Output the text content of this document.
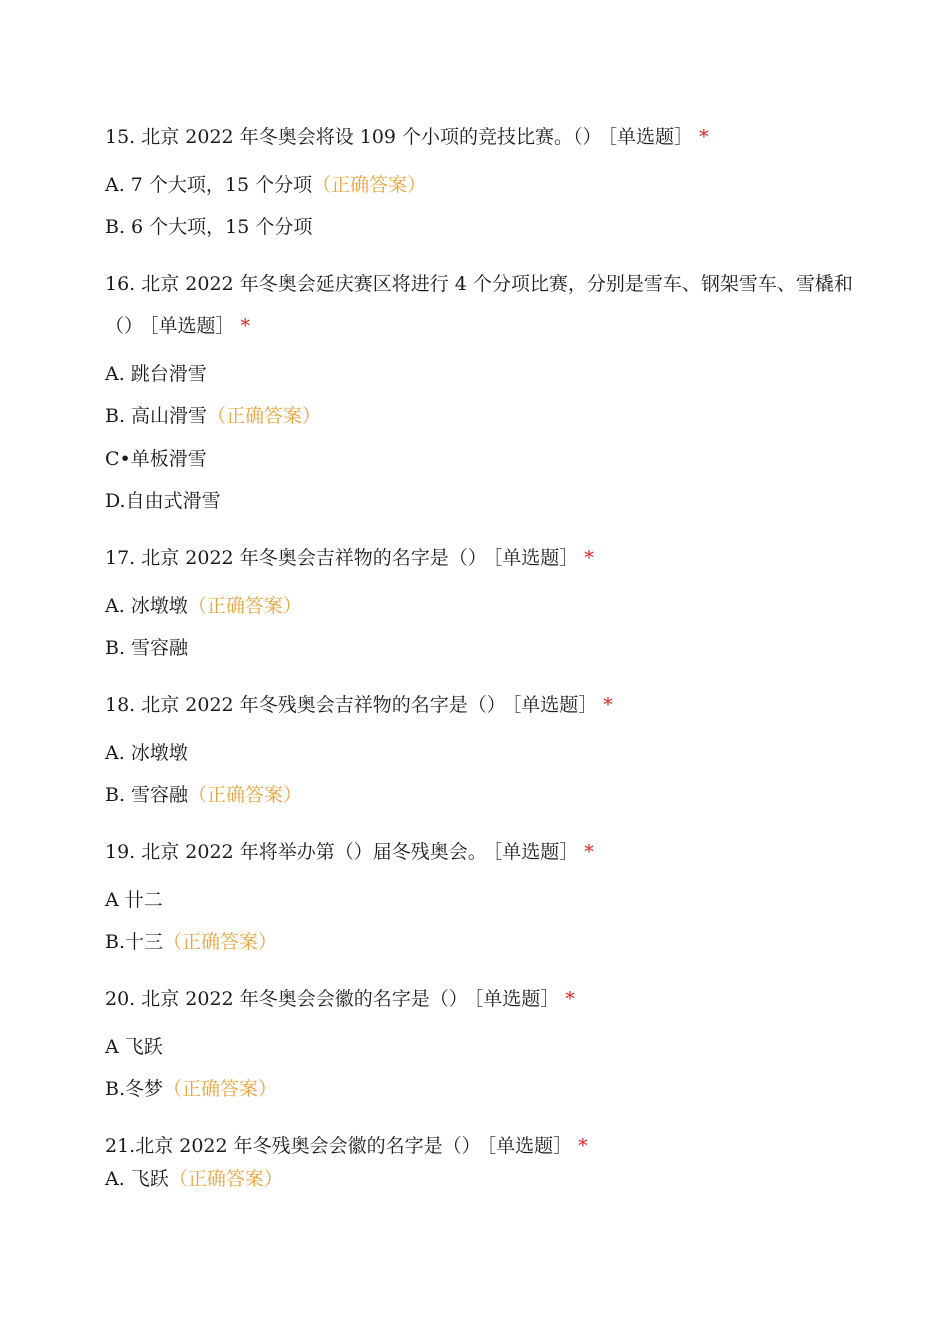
15. 北京 2022 年冬奥会将设 109 个小项的竞技比赛。（） ［单选题］ *
A. 7 个大项，15 个分项（正确答案）
B. 6 个大项，15 个分项
16. 北京 2022 年冬奥会延庆赛区将进行 4 个分项比赛，分别是雪车、钢架雪车、雪橇和
（） ［单选题］ *
A. 跳台滑雪
B. 高山滑雪（正确答案）
C•单板滑雪
D.自由式滑雪
17. 北京 2022 年冬奥会吉祥物的名字是（） ［单选题］ *
A. 冰墩墩（正确答案）
B. 雪容融
18. 北京 2022 年冬残奥会吉祥物的名字是（） ［单选题］ *
A. 冰墩墩
B. 雪容融（正确答案）
19. 北京 2022 年将举办第（）届冬残奥会。 ［单选题］ *
A 卄二
B.十三（正确答案）
20. 北京 2022 年冬奥会会徽的名字是（） ［单选题］ *
A 飞跃
B.冬梦（正确答案）
21.北京 2022 年冬残奥会会徽的名字是（） ［单选题］ *
A. 飞跃（正确答案）
